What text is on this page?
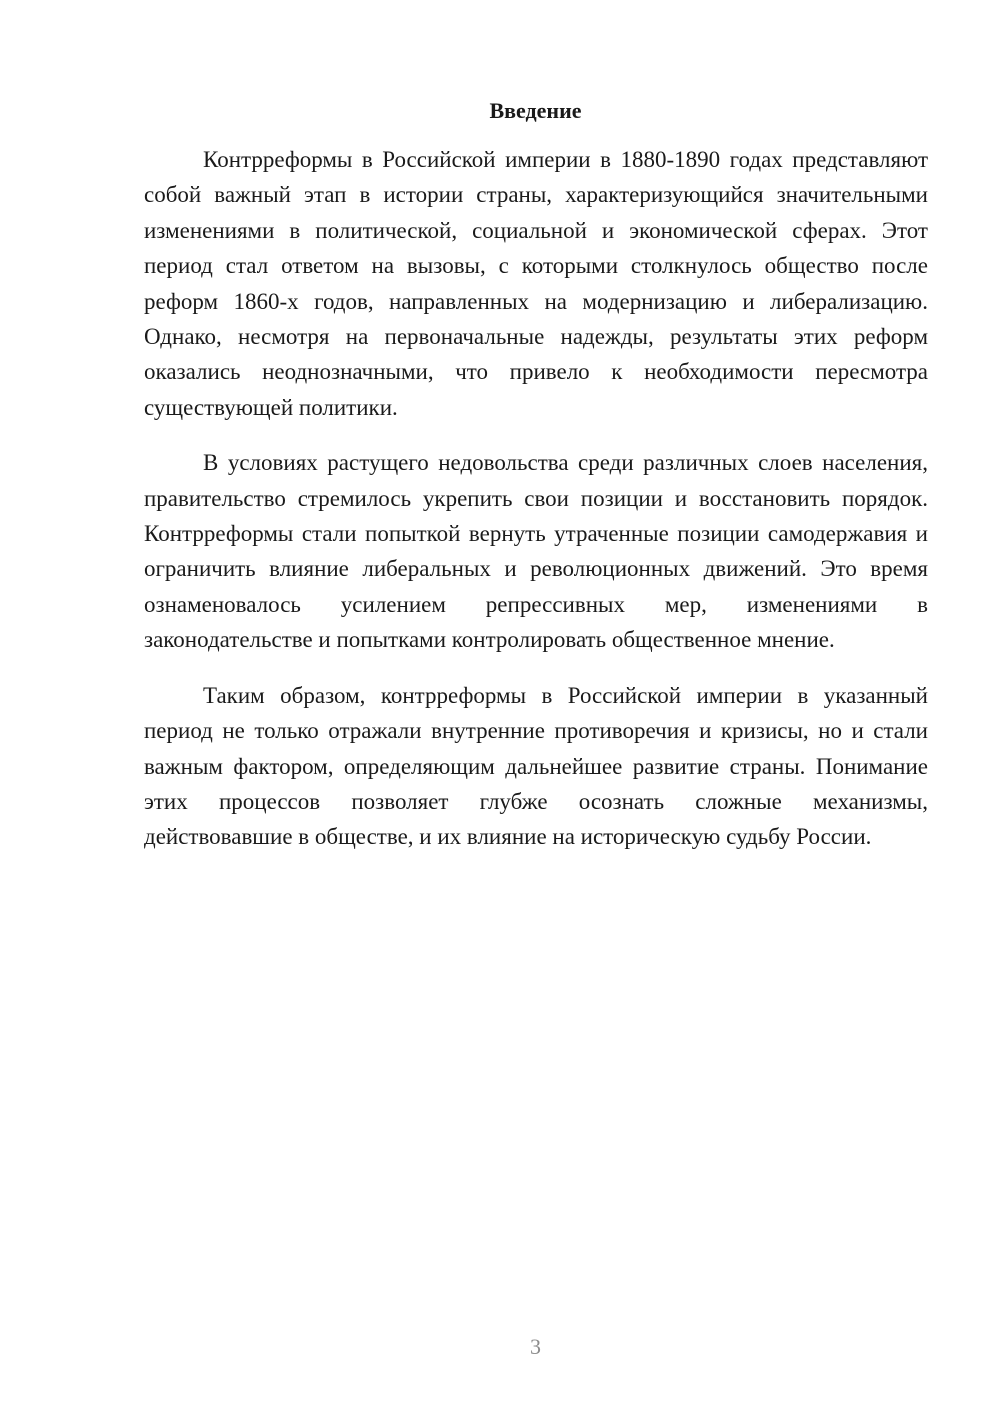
Введение

Контрреформы в Российской империи в 1880-1890 годах представляют собой важный этап в истории страны, характеризующийся значительными изменениями в политической, социальной и экономической сферах. Этот период стал ответом на вызовы, с которыми столкнулось общество после реформ 1860-х годов, направленных на модернизацию и либерализацию. Однако, несмотря на первоначальные надежды, результаты этих реформ оказались неоднозначными, что привело к необходимости пересмотра существующей политики.

В условиях растущего недовольства среди различных слоев населения, правительство стремилось укрепить свои позиции и восстановить порядок. Контрреформы стали попыткой вернуть утраченные позиции самодержавия и ограничить влияние либеральных и революционных движений. Это время ознаменовалось усилением репрессивных мер, изменениями в законодательстве и попытками контролировать общественное мнение.

Таким образом, контрреформы в Российской империи в указанный период не только отражали внутренние противоречия и кризисы, но и стали важным фактором, определяющим дальнейшее развитие страны. Понимание этих процессов позволяет глубже осознать сложные механизмы, действовавшие в обществе, и их влияние на историческую судьбу России.

3
